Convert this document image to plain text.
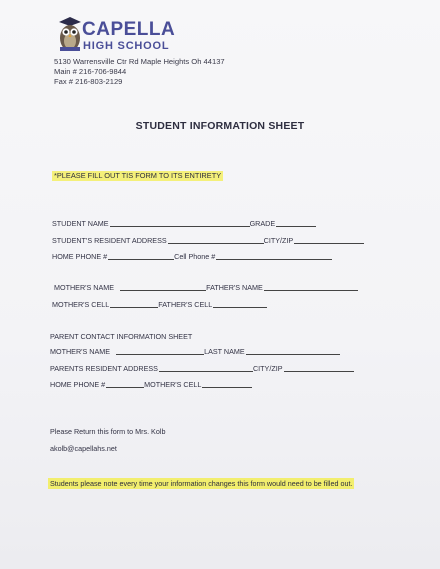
CAPELLA
HIGH SCHOOL
5130 Warrensville Ctr Rd Maple Heights Oh 44137
Main # 216-706-9844
Fax # 216-803-2129
STUDENT INFORMATION SHEET
*PLEASE FILL OUT TIS FORM TO ITS ENTIRETY
STUDENT NAME	GRADE
STUDENT'S RESIDENT ADDRESS	CITY/ZIP
HOME PHONE #	Cell Phone #
MOTHER'S NAME	FATHER'S NAME
MOTHER'S CELL	FATHER'S CELL
PARENT CONTACT INFORMATION SHEET
MOTHER'S NAME	LAST NAME
PARENTS RESIDENT ADDRESS	CITY/ZIP
HOME PHONE #	MOTHER'S CELL
Please Return this form to Mrs. Kolb
akolb@capellahs.net
Students please note every time your information changes this form would need to be filled out.
